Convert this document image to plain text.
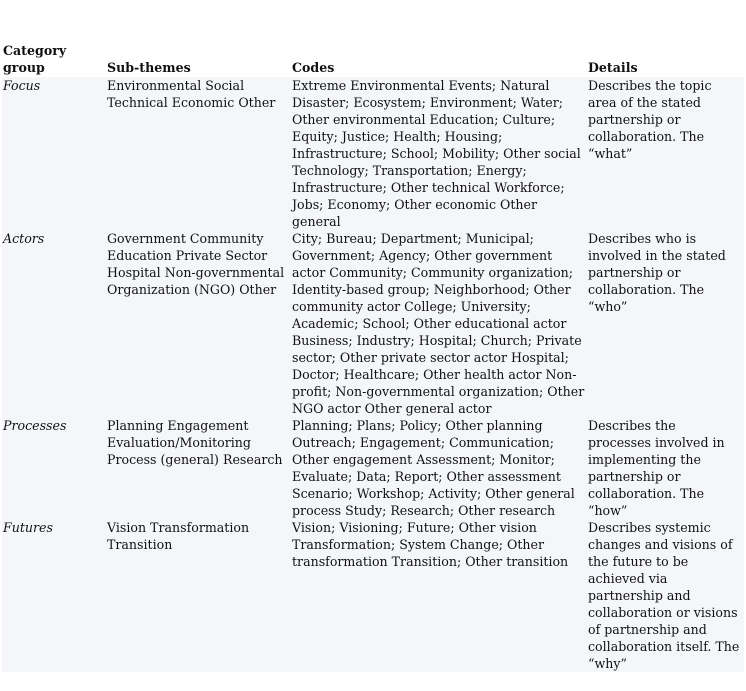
Category group	Sub-themes	Codes	Details
Focus	Environmental Social Technical Economic Other	Extreme Environmental Events; Natural Disaster; Ecosystem; Environment; Water; Other environmental Education; Culture; Equity; Justice; Health; Housing; Infrastructure; School; Mobility; Other social Technology; Transportation; Energy; Infrastructure; Other technical Workforce; Jobs; Economy; Other economic Other general	Describes the topic area of the stated partnership or collaboration. The “what”
Actors	Government Community Education Private Sector Hospital Non-governmental Organization (NGO) Other	City; Bureau; Department; Municipal; Government; Agency; Other government actor Community; Community organization; Identity-based group; Neighborhood; Other community actor College; University; Academic; School; Other educational actor Business; Industry; Hospital; Church; Private sector; Other private sector actor Hospital; Doctor; Healthcare; Other health actor Non-profit; Non-governmental organization; Other NGO actor Other general actor	Describes who is involved in the stated partnership or collaboration. The “who”
Processes	Planning Engagement Evaluation/Monitoring Process (general) Research	Planning; Plans; Policy; Other planning Outreach; Engagement; Communication; Other engagement Assessment; Monitor; Evaluate; Data; Report; Other assessment Scenario; Workshop; Activity; Other general process Study; Research; Other research	Describes the processes involved in implementing the partnership or collaboration. The “how”
Futures	Vision Transformation Transition	Vision; Visioning; Future; Other vision Transformation; System Change; Other transformation Transition; Other transition	Describes systemic changes and visions of the future to be achieved via partnership and collaboration or visions of partnership and collaboration itself. The “why”
